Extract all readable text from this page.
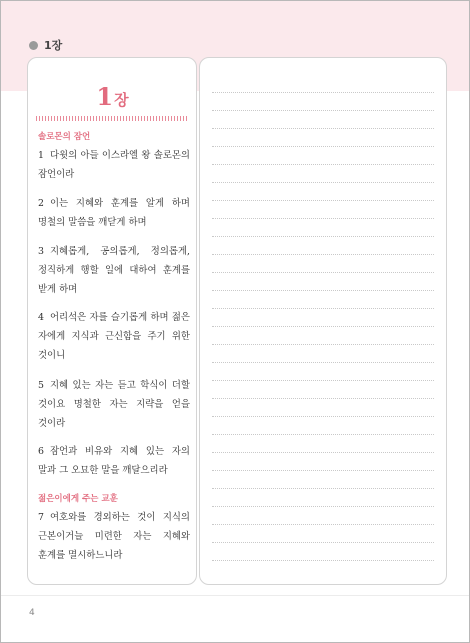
1장
1장
솔로몬의 잠언
1 다윗의 아들 이스라엘 왕 솔로몬의 잠언이라
2 이는 지혜와 훈계를 알게 하며 명철의 말씀을 깨닫게 하며
3 지혜롭게, 공의롭게, 정의롭게, 정직하게 행할 일에 대하여 훈계를 받게 하며
4 어리석은 자를 슬기롭게 하며 젊은 자에게 지식과 근신함을 주기 위한 것이니
5 지혜 있는 자는 듣고 학식이 더할 것이요 명철한 자는 지략을 얻을 것이라
6 잠언과 비유와 지혜 있는 자의 말과 그 오묘한 말을 깨달으리라
젊은이에게 주는 교훈
7 여호와를 경외하는 것이 지식의 근본이거늘 미련한 자는 지혜와 훈계를 멸시하느니라
4
